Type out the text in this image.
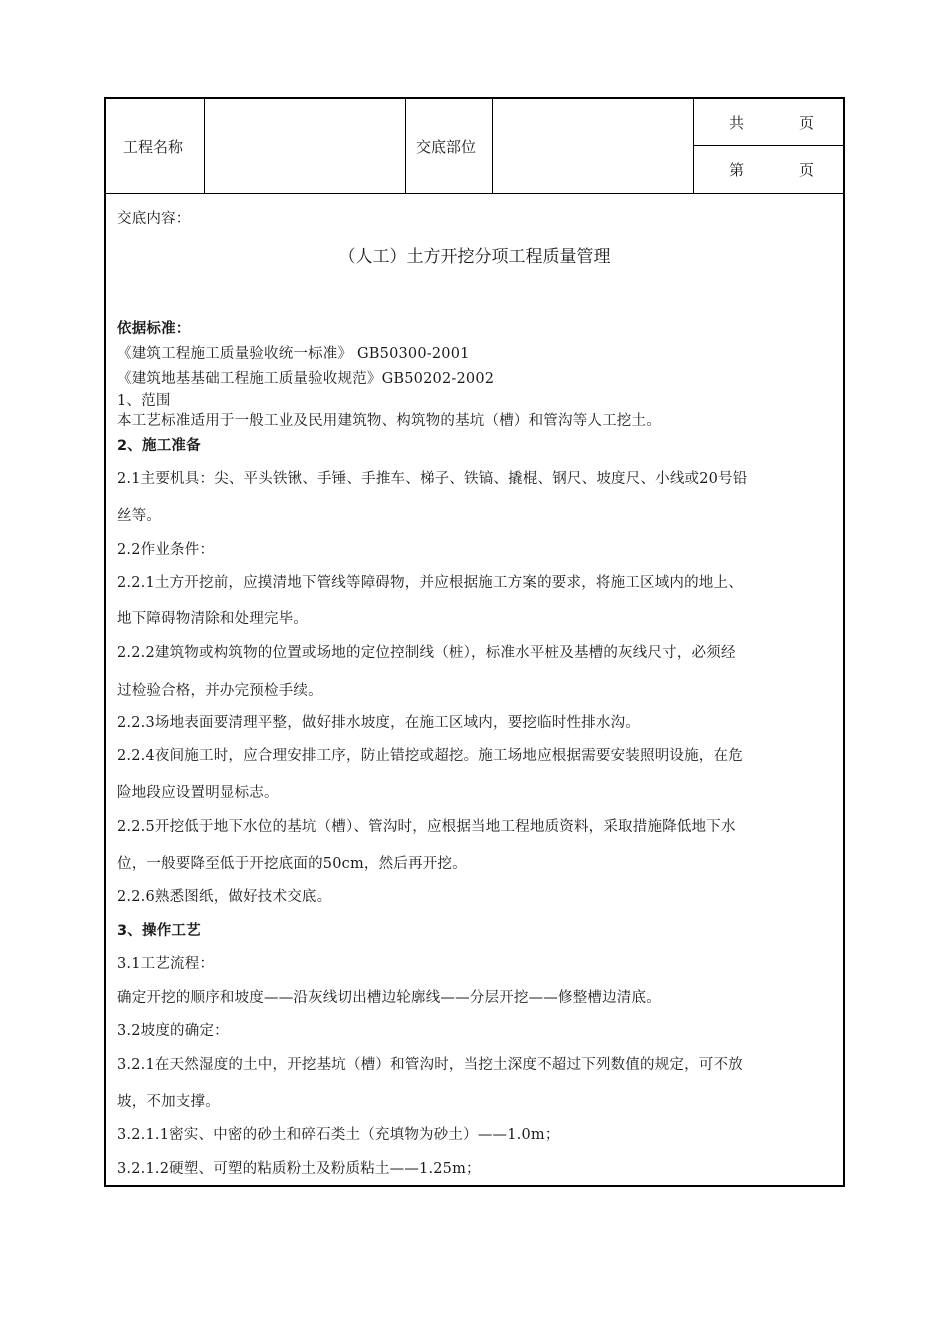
工程名称	交底部位
共	页
第	页
交底内容：
（人工）土方开挖分项工程质量管理
依据标准：
《建筑工程施工质量验收统一标准》 GB50300-2001
《建筑地基基础工程施工质量验收规范》GB50202-2002
1、范围
本工艺标准适用于一般工业及民用建筑物、构筑物的基坑（槽）和管沟等人工挖土。
2、施工准备
2.1主要机具：尖、平头铁锹、手锤、手推车、梯子、铁镐、撬棍、钢尺、坡度尺、小线或20号铅
丝等。
2.2作业条件：
2.2.1土方开挖前，应摸清地下管线等障碍物，并应根据施工方案的要求，将施工区域内的地上、
地下障碍物清除和处理完毕。
2.2.2建筑物或构筑物的位置或场地的定位控制线（桩），标准水平桩及基槽的灰线尺寸，必须经
过检验合格，并办完预检手续。
2.2.3场地表面要清理平整，做好排水坡度，在施工区域内，要挖临时性排水沟。
2.2.4夜间施工时，应合理安排工序，防止错挖或超挖。施工场地应根据需要安装照明设施，在危
险地段应设置明显标志。
2.2.5开挖低于地下水位的基坑（槽）、管沟时，应根据当地工程地质资料，采取措施降低地下水
位，一般要降至低于开挖底面的50cm，然后再开挖。
2.2.6熟悉图纸，做好技术交底。
3、操作工艺
3.1工艺流程：
确定开挖的顺序和坡度——沿灰线切出槽边轮廓线——分层开挖——修整槽边清底。
3.2坡度的确定：
3.2.1在天然湿度的土中，开挖基坑（槽）和管沟时，当挖土深度不超过下列数值的规定，可不放
坡，不加支撑。
3.2.1.1密实、中密的砂土和碎石类土（充填物为砂土）——1.0m；
3.2.1.2硬塑、可塑的粘质粉土及粉质粘土——1.25m；
